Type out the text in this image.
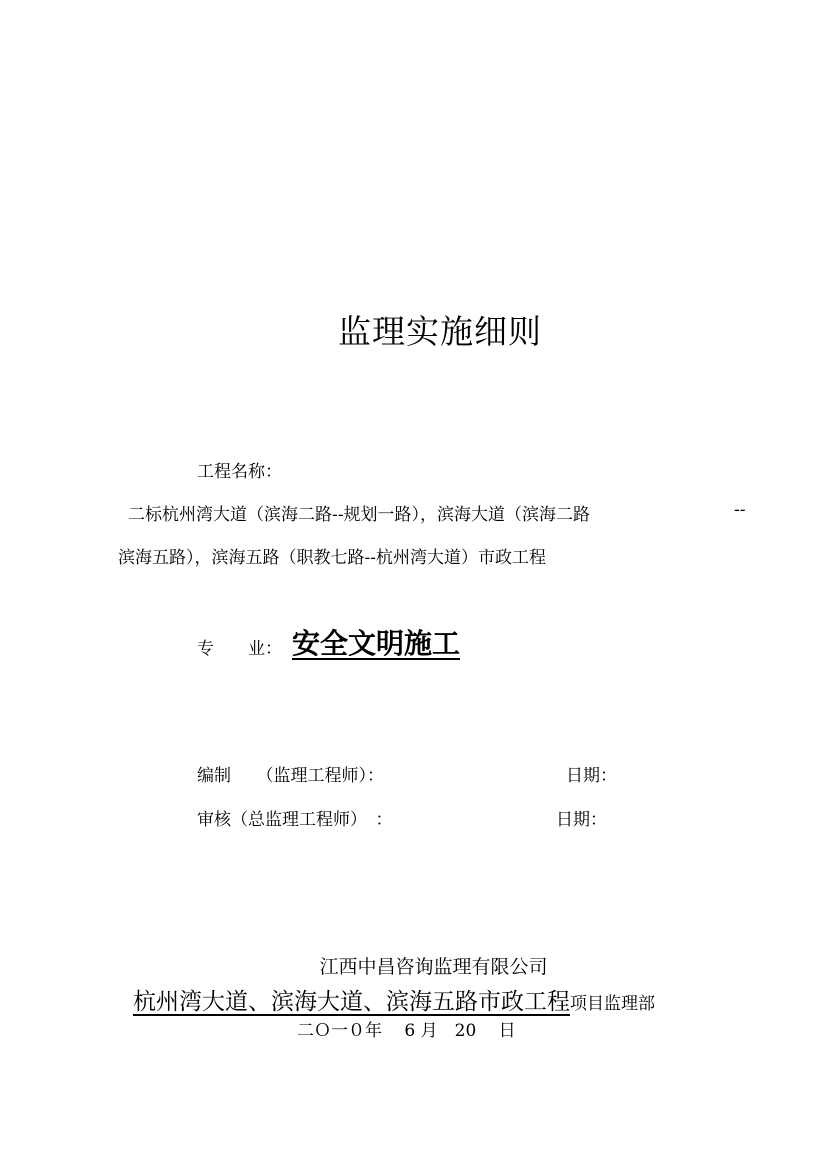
监理实施细则
工程名称：
二标杭州湾大道（滨海二路--规划一路），滨海大道（滨海二路	--
滨海五路），滨海五路（职教七路--杭州湾大道）市政工程
专　　业： 安全文明施工
编制　　（监理工程师）：	日期：
审核（总监理工程师）　：	日期：
江西中昌咨询监理有限公司
杭州湾大道、滨海大道、滨海五路市政工程项目监理部
二Ｏ一０年　 6 月　20　 日
